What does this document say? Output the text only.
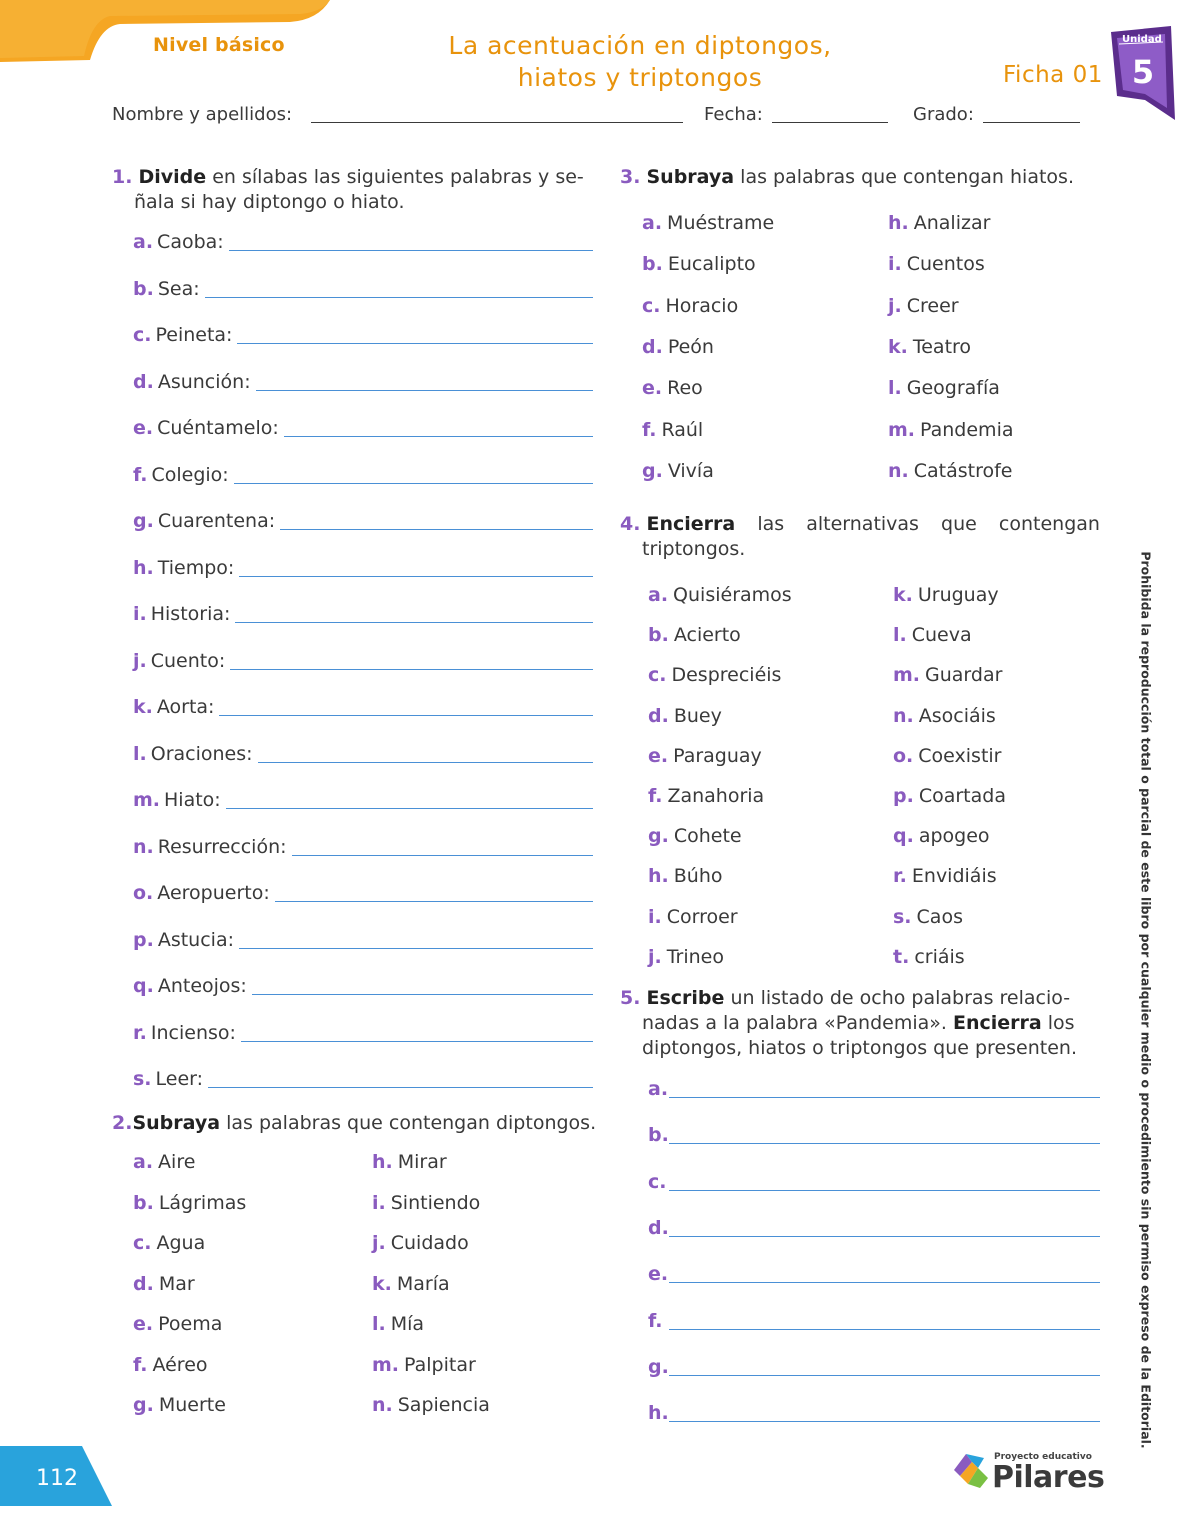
Nivel básico	La acentuación en diptongos,
hiatos y triptongos	Ficha 01
Unidad
5
Nombre y apellidos:	Fecha:	Grado:
1. Divide en sílabas las siguientes palabras y se-
ñala si hay diptongo o hiato.
a. Caoba:
b. Sea:
c. Peineta:
d. Asunción:
e. Cuéntamelo:
f. Colegio:
g. Cuarentena:
h. Tiempo:
i. Historia:
j. Cuento:
k. Aorta:
l. Oraciones:
m. Hiato:
n. Resurrección:
o. Aeropuerto:
p. Astucia:
q. Anteojos:
r. Incienso:
s. Leer:
2.Subraya las palabras que contengan diptongos.
a. Aire
b. Lágrimas
c. Agua
d. Mar
e. Poema
f. Aéreo
g. Muerte
h. Mirar
i. Sintiendo
j. Cuidado
k. María
l. Mía
m. Palpitar
n. Sapiencia
3. Subraya las palabras que contengan hiatos.
a. Muéstrame
b. Eucalipto
c. Horacio
d. Peón
e. Reo
f. Raúl
g. Vivía
h. Analizar
i. Cuentos
j. Creer
k. Teatro
l. Geografía
m. Pandemia
n. Catástrofe
4. Encierra las alternativas que contengan
triptongos.
a. Quisiéramos
b. Acierto
c. Despreciéis
d. Buey
e. Paraguay
f. Zanahoria
g. Cohete
h. Búho
i. Corroer
j. Trineo
k. Uruguay
l. Cueva
m. Guardar
n. Asociáis
o. Coexistir
p. Coartada
q. apogeo
r. Envidiáis
s. Caos
t. criáis
5. Escribe un listado de ocho palabras relacio-
nadas a la palabra «Pandemia». Encierra los
diptongos, hiatos o triptongos que presenten.
a.
b.
c.
d.
e.
f.
g.
h.	Prohibida la reproducción total o parcial de este libro por cualquier medio o procedimiento sin permiso expreso de la Editorial.
112
Proyecto educativo
Pilares
